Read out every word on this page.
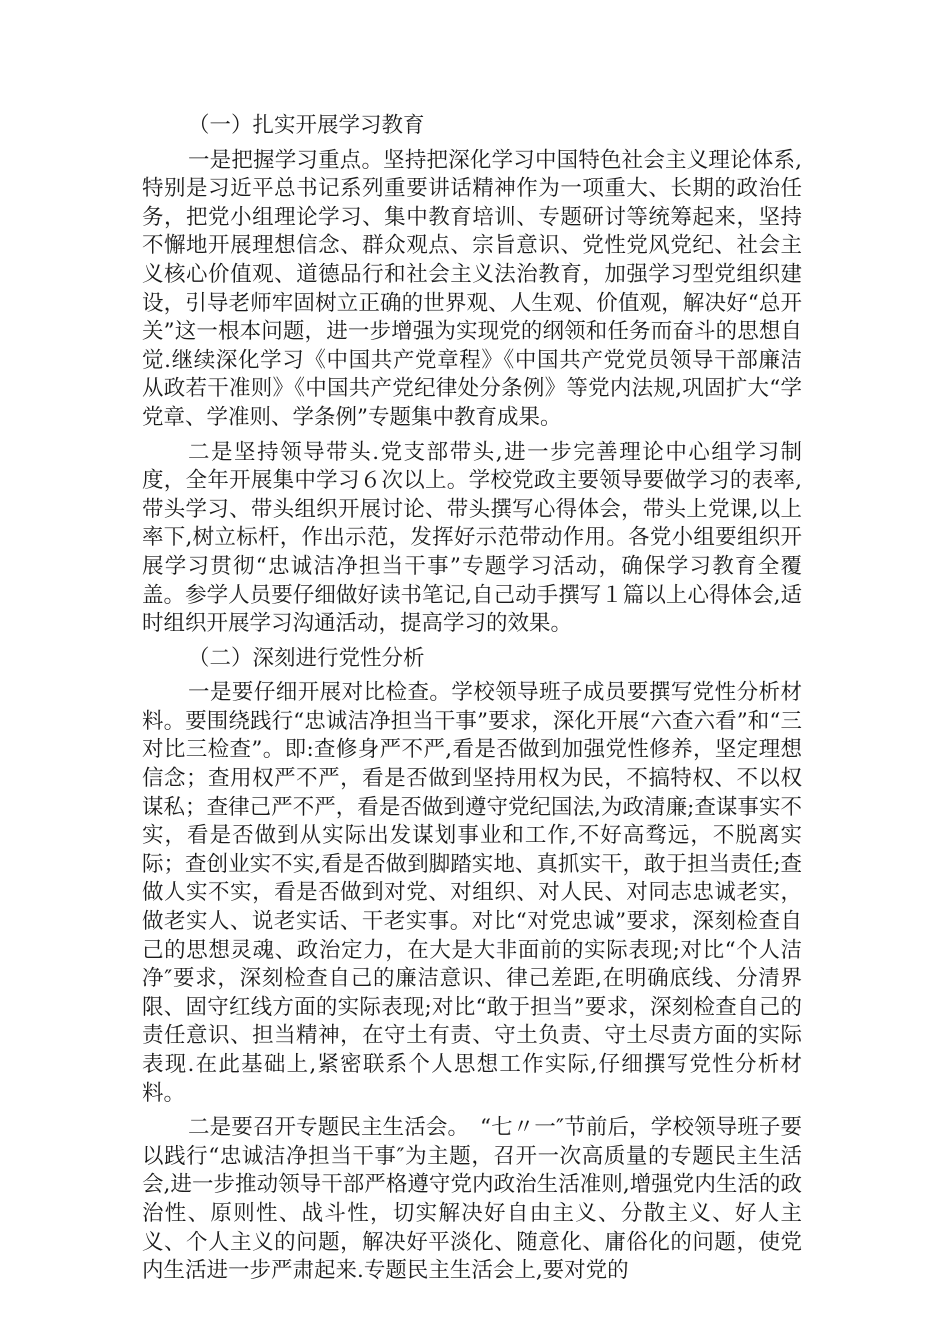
（一）扎实开展学习教育

一是把握学习重点。坚持把深化学习中国特色社会主义理论体系,特别是习近平总书记系列重要讲话精神作为一项重大、长期的政治任务，把党小组理论学习、集中教育培训、专题研讨等统筹起来，坚持不懈地开展理想信念、群众观点、宗旨意识、党性党风党纪、社会主义核心价值观、道德品行和社会主义法治教育，加强学习型党组织建设，引导老师牢固树立正确的世界观、人生观、价值观，解决好“总开关”这一根本问题，进一步增强为实现党的纲领和任务而奋斗的思想自觉.继续深化学习《中国共产党章程》《中国共产党党员领导干部廉洁从政若干准则》《中国共产党纪律处分条例》等党内法规,巩固扩大“学党章、学准则、学条例”专题集中教育成果。

二是坚持领导带头.党支部带头,进一步完善理论中心组学习制度，全年开展集中学习６次以上。学校党政主要领导要做学习的表率,带头学习、带头组织开展讨论、带头撰写心得体会，带头上党课,以上率下,树立标杆，作出示范，发挥好示范带动作用。各党小组要组织开展学习贯彻“忠诚洁净担当干事”专题学习活动，确保学习教育全覆盖。参学人员要仔细做好读书笔记,自己动手撰写１篇以上心得体会,适时组织开展学习沟通活动，提高学习的效果。

（二）深刻进行党性分析

一是要仔细开展对比检查。学校领导班子成员要撰写党性分析材料。要围绕践行“忠诚洁净担当干事”要求，深化开展“六查六看”和“三对比三检查”。即:查修身严不严,看是否做到加强党性修养，坚定理想信念；查用权严不严，看是否做到坚持用权为民，不搞特权、不以权谋私；查律己严不严，看是否做到遵守党纪国法,为政清廉;查谋事实不实，看是否做到从实际出发谋划事业和工作,不好高骛远，不脱离实际；查创业实不实,看是否做到脚踏实地、真抓实干，敢于担当责任;查做人实不实，看是否做到对党、对组织、对人民、对同志忠诚老实，做老实人、说老实话、干老实事。对比“对党忠诚”要求，深刻检查自己的思想灵魂、政治定力，在大是大非面前的实际表现;对比“个人洁净″要求，深刻检查自己的廉洁意识、律己差距,在明确底线、分清界限、固守红线方面的实际表现;对比“敢于担当”要求，深刻检查自己的责任意识、担当精神，在守土有责、守土负责、守土尽责方面的实际表现.在此基础上,紧密联系个人思想工作实际,仔细撰写党性分析材料。

二是要召开专题民主生活会。　“七〃一″节前后，学校领导班子要以践行“忠诚洁净担当干事″为主题，召开一次高质量的专题民主生活会,进一步推动领导干部严格遵守党内政治生活准则,增强党内生活的政治性、原则性、战斗性，切实解决好自由主义、分散主义、好人主义、个人主义的问题，解决好平淡化、随意化、庸俗化的问题，使党内生活进一步严肃起来.专题民主生活会上,要对党的
